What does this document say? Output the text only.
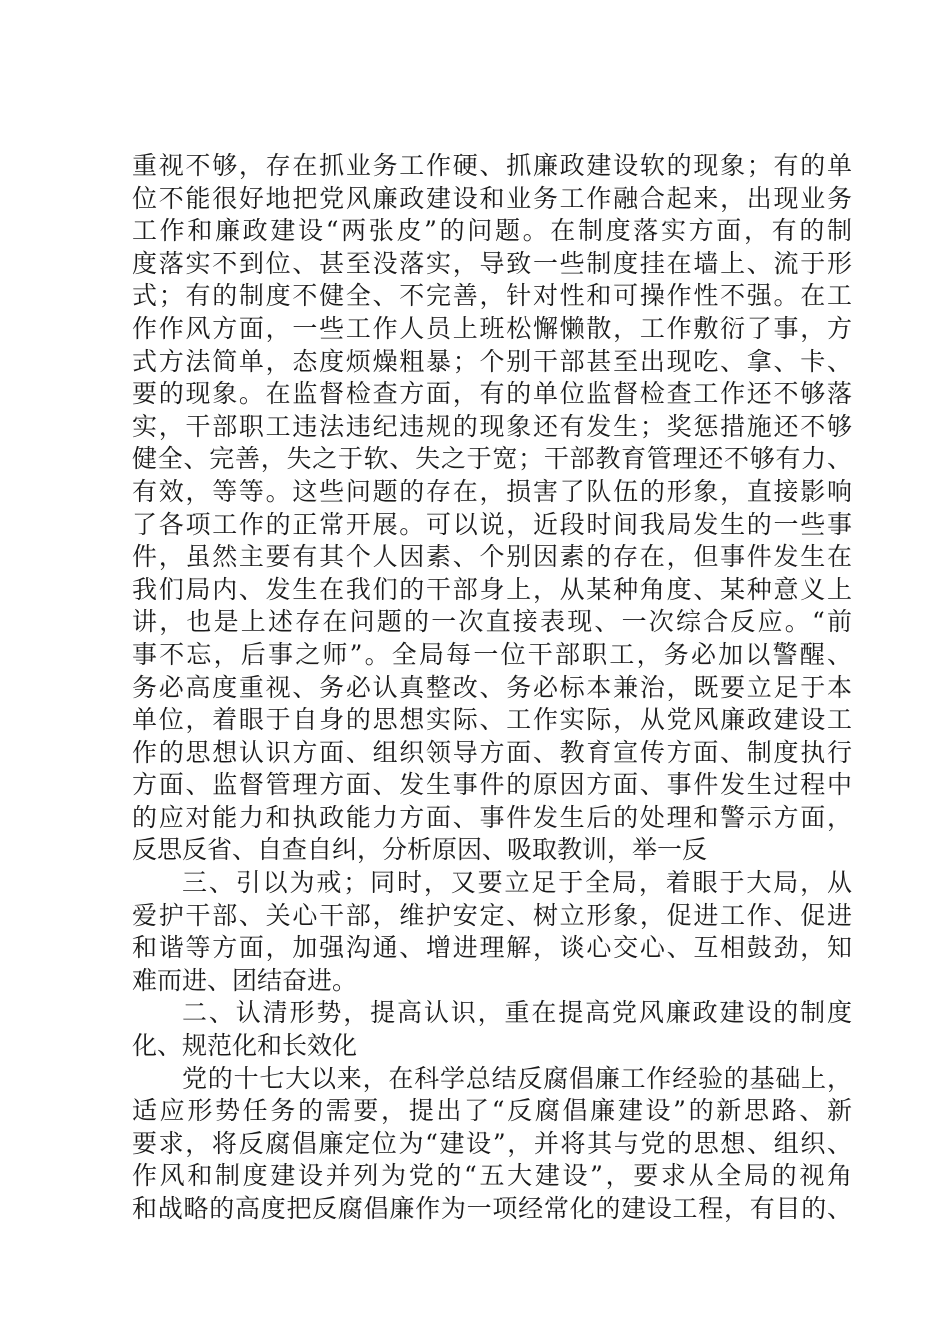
重视不够，存在抓业务工作硬、抓廉政建设软的现象；有的单
位不能很好地把党风廉政建设和业务工作融合起来，出现业务
工作和廉政建设“两张皮”的问题。在制度落实方面，有的制
度落实不到位、甚至没落实，导致一些制度挂在墙上、流于形
式；有的制度不健全、不完善，针对性和可操作性不强。在工
作作风方面，一些工作人员上班松懈懒散，工作敷衍了事，方
式方法简单，态度烦燥粗暴；个别干部甚至出现吃、拿、卡、
要的现象。在监督检查方面，有的单位监督检查工作还不够落
实，干部职工违法违纪违规的现象还有发生；奖惩措施还不够
健全、完善，失之于软、失之于宽；干部教育管理还不够有力、
有效，等等。这些问题的存在，损害了队伍的形象，直接影响
了各项工作的正常开展。可以说，近段时间我局发生的一些事
件，虽然主要有其个人因素、个别因素的存在，但事件发生在
我们局内、发生在我们的干部身上，从某种角度、某种意义上
讲，也是上述存在问题的一次直接表现、一次综合反应。“前
事不忘，后事之师”。全局每一位干部职工，务必加以警醒、
务必高度重视、务必认真整改、务必标本兼治，既要立足于本
单位，着眼于自身的思想实际、工作实际，从党风廉政建设工
作的思想认识方面、组织领导方面、教育宣传方面、制度执行
方面、监督管理方面、发生事件的原因方面、事件发生过程中
的应对能力和执政能力方面、事件发生后的处理和警示方面，
反思反省、自查自纠，分析原因、吸取教训，举一反
三、引以为戒；同时，又要立足于全局，着眼于大局，从
爱护干部、关心干部，维护安定、树立形象，促进工作、促进
和谐等方面，加强沟通、增进理解，谈心交心、互相鼓劲，知
难而进、团结奋进。
二、认清形势，提高认识，重在提高党风廉政建设的制度
化、规范化和长效化
党的十七大以来，在科学总结反腐倡廉工作经验的基础上，
适应形势任务的需要，提出了“反腐倡廉建设”的新思路、新
要求，将反腐倡廉定位为“建设”，并将其与党的思想、组织、
作风和制度建设并列为党的“五大建设”，要求从全局的视角
和战略的高度把反腐倡廉作为一项经常化的建设工程，有目的、
